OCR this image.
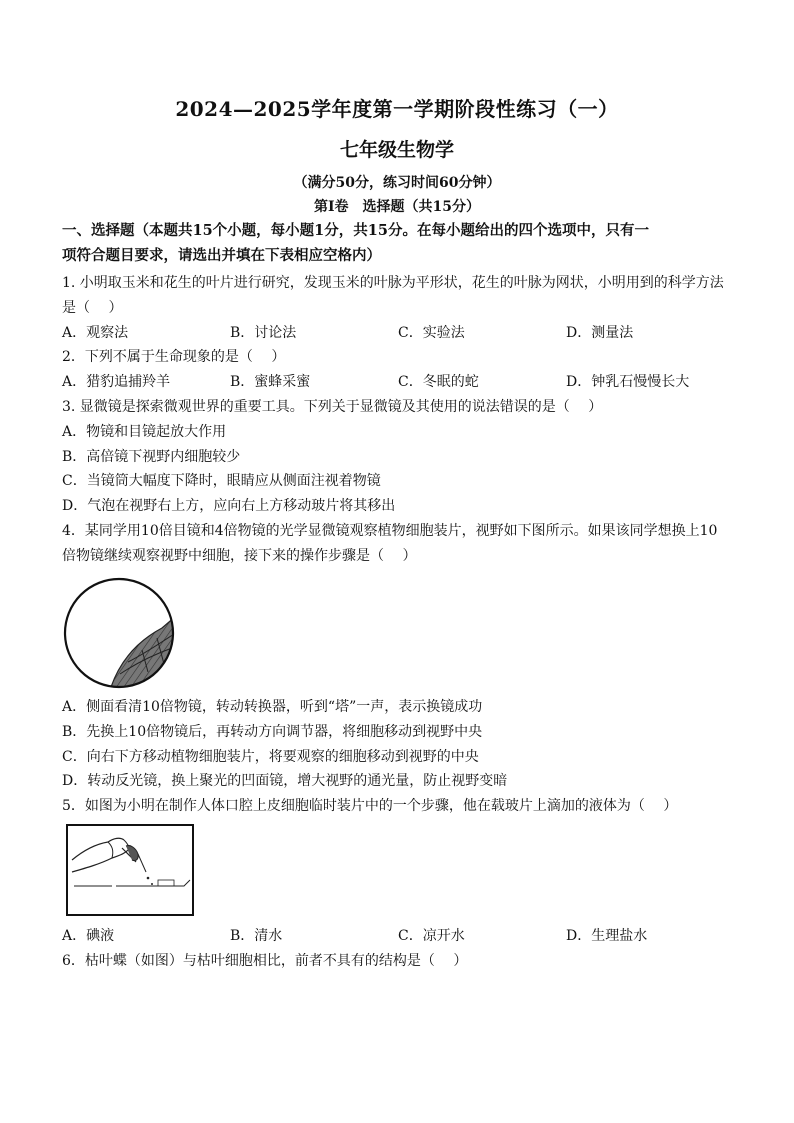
2024—2025学年度第一学期阶段性练习（一）
七年级生物学
（满分50分，练习时间60分钟）
第Ⅰ卷　选择题（共15分）
一、选择题（本题共15个小题，每小题1分，共15分。在每小题给出的四个选项中，只有一
项符合题目要求，请选出并填在下表相应空格内）
1. 小明取玉米和花生的叶片进行研究，发现玉米的叶脉为平形状，花生的叶脉为网状，小明用到的科学方法
是（　 ）
A．观察法	B．讨论法	C．实验法	D．测量法
2．下列不属于生命现象的是（　 ）
A．猎豹追捕羚羊	B．蜜蜂采蜜	C．冬眠的蛇	D．钟乳石慢慢长大
3. 显微镜是探索微观世界的重要工具。下列关于显微镜及其使用的说法错误的是（　 ）
A．物镜和目镜起放大作用
B．高倍镜下视野内细胞较少
C．当镜筒大幅度下降时，眼睛应从侧面注视着物镜
D．气泡在视野右上方，应向右上方移动玻片将其移出
4．某同学用10倍目镜和4倍物镜的光学显微镜观察植物细胞装片，视野如下图所示。如果该同学想换上10
倍物镜继续观察视野中细胞，接下来的操作步骤是（　 ）
A．侧面看清10倍物镜，转动转换器，听到“塔”一声，表示换镜成功
B．先换上10倍物镜后，再转动方向调节器，将细胞移动到视野中央
C．向右下方移动植物细胞装片，将要观察的细胞移动到视野的中央
D．转动反光镜，换上聚光的凹面镜，增大视野的通光量，防止视野变暗
5．如图为小明在制作人体口腔上皮细胞临时装片中的一个步骤，他在载玻片上滴加的液体为（　 ）
A．碘液	B．清水	C．凉开水	D．生理盐水
6．枯叶蝶（如图）与枯叶细胞相比，前者不具有的结构是（　 ）
